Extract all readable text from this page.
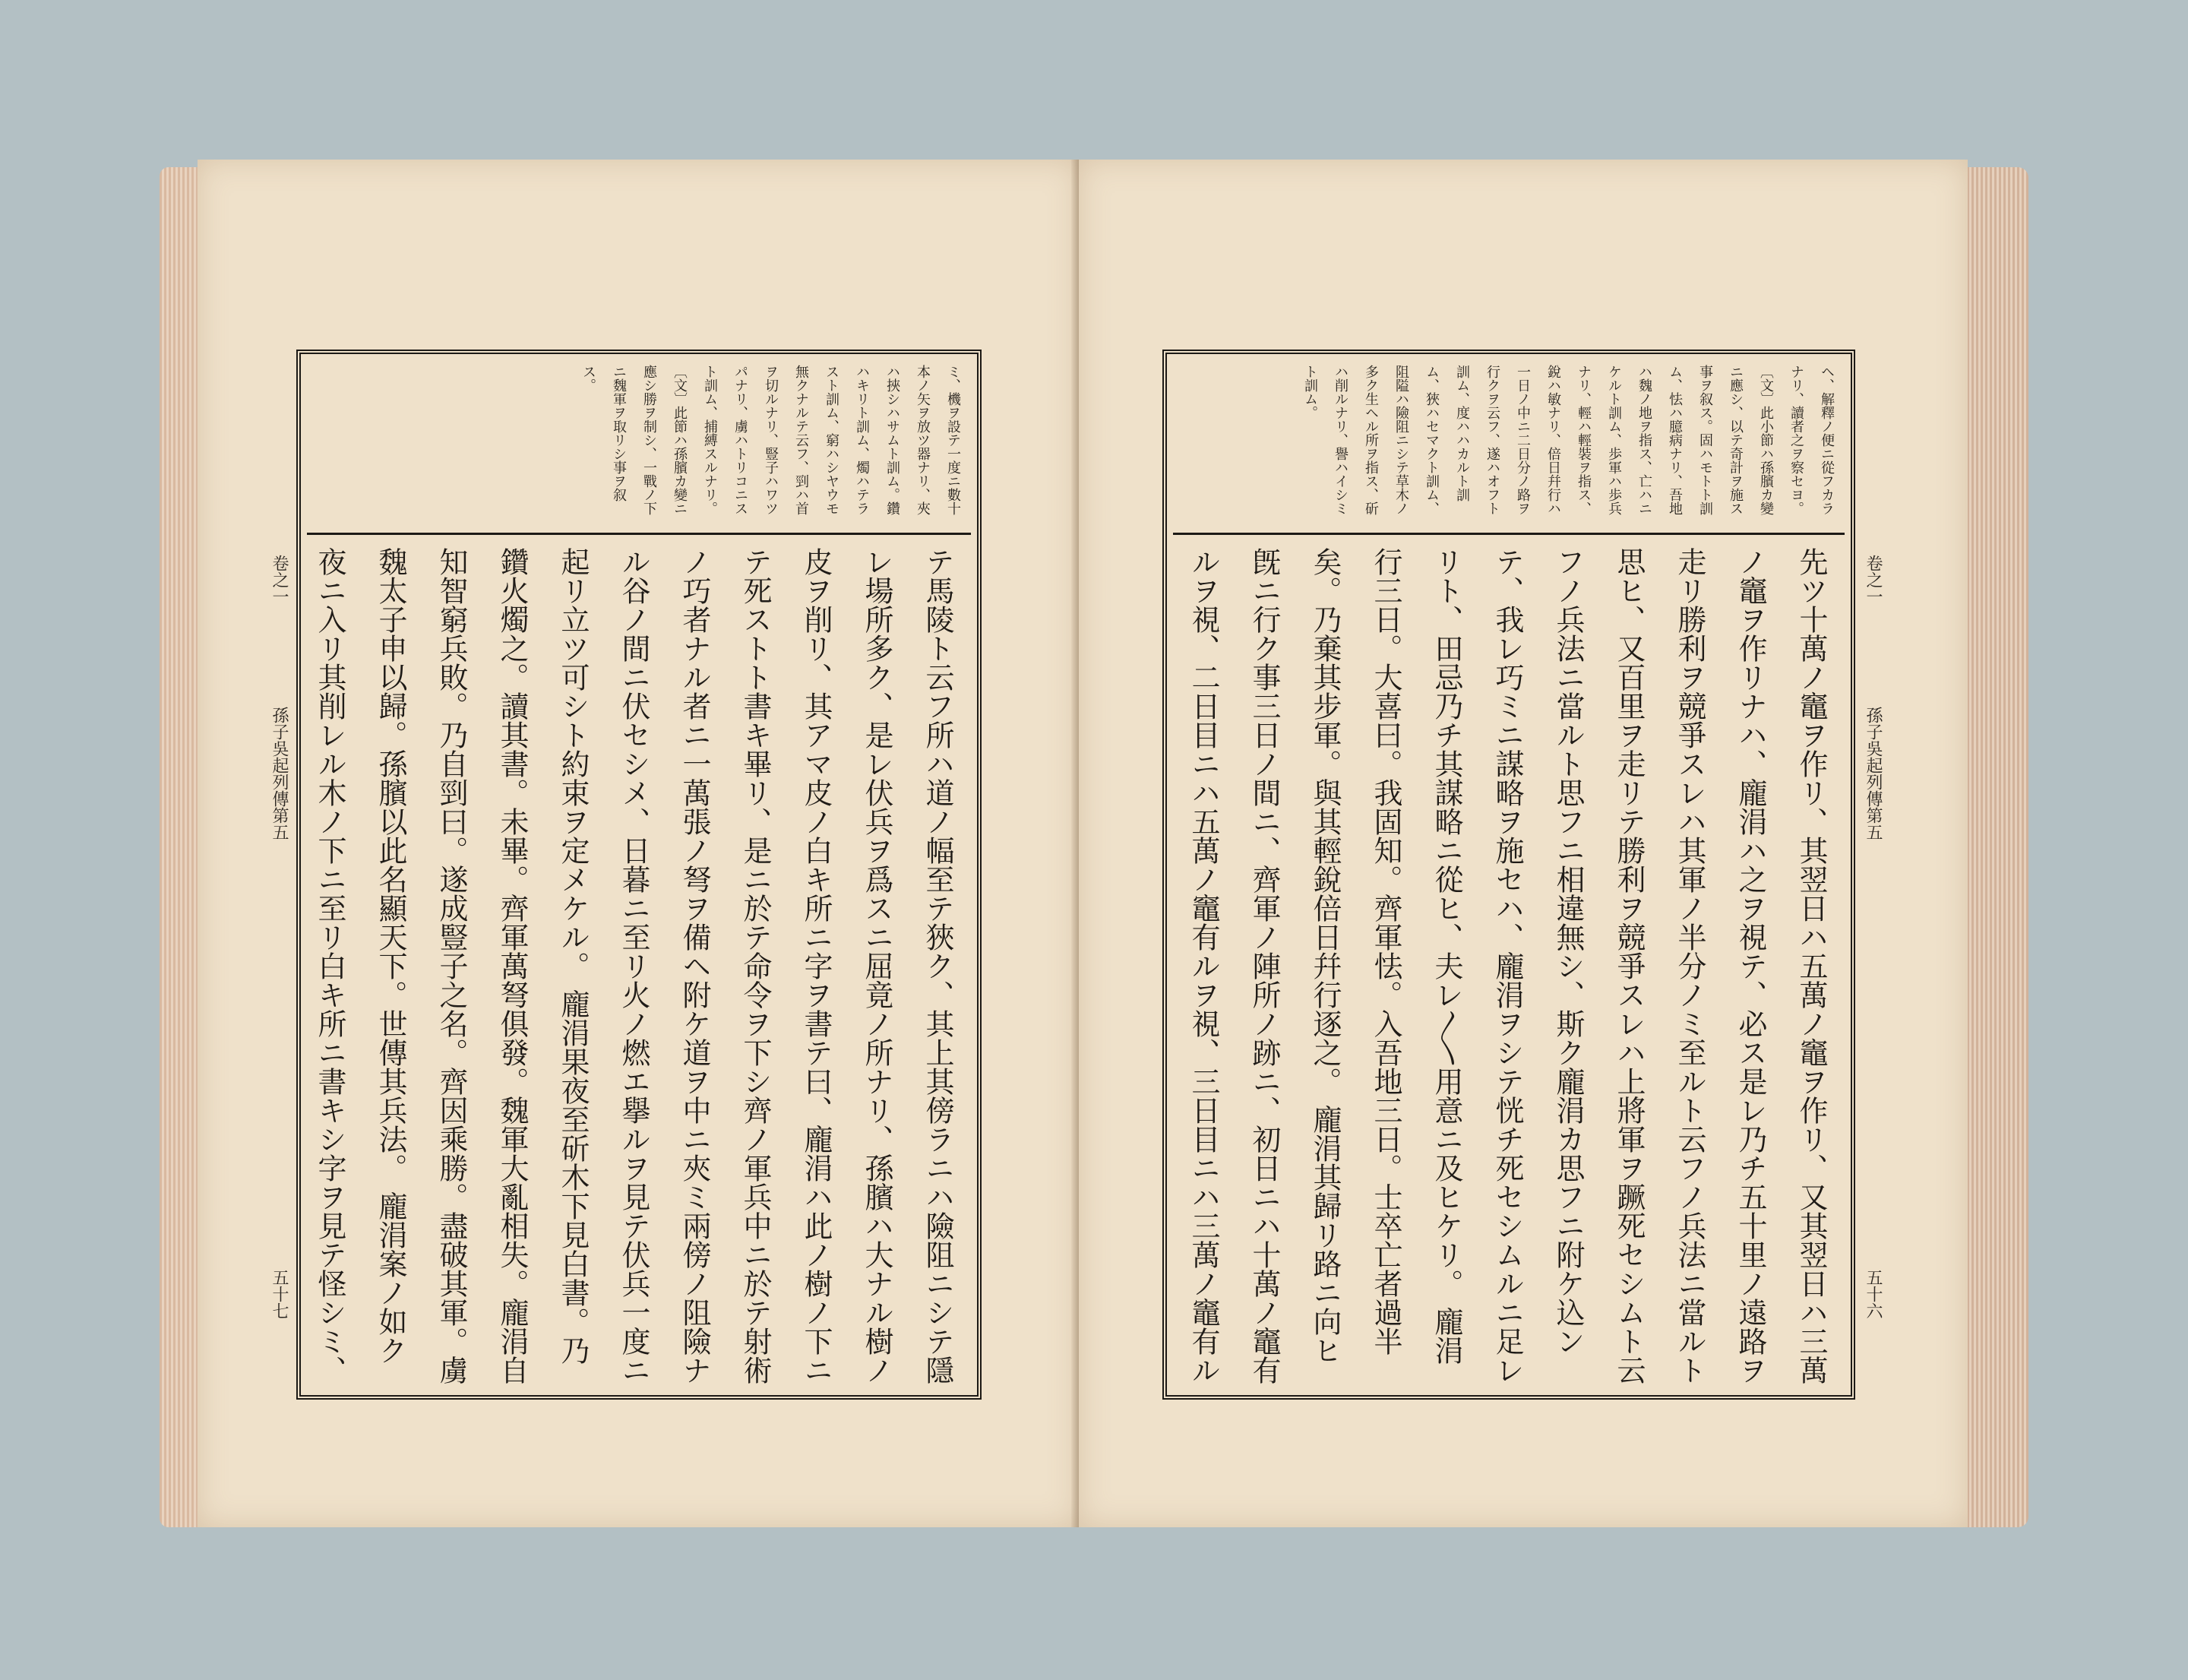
卷之一
孫子吳起列傳第五
五十七
ミ、機ヲ設テ一度ニ數十本ノ矢ヲ放ツ器ナリ、夾ハ挾シハサムト訓ム。鑽ハキリト訓ム、燭ハテラスト訓ム、窮ハシヤウモ無クナルテ云フ、剄ハ首ヲ切ルナリ、豎子ハワツパナリ、虜ハトリコニスト訓ム、捕縛スルナリ。〔文〕此節ハ孫臏カ變ニ應シ勝ヲ制シ、一戰ノ下ニ魏軍ヲ取リシ事ヲ叙ス。
テ馬陵ト云フ所ハ道ノ幅至テ狹ク、其上其傍ラニハ險阻ニシテ隱レ場所多ク、是レ伏兵ヲ爲スニ屈竟ノ所ナリ、孫臏ハ大ナル樹ノ皮ヲ削リ、其アマ皮ノ白キ所ニ字ヲ書テ曰、龐涓ハ此ノ樹ノ下ニテ死ストト書キ畢リ、是ニ於テ命令ヲ下シ齊ノ軍兵中ニ於テ射術ノ巧者ナル者ニ一萬張ノ弩ヲ備ヘ附ケ道ヲ中ニ夾ミ兩傍ノ阻險ナル谷ノ間ニ伏セシメ、日暮ニ至リ火ノ燃エ擧ルヲ見テ伏兵一度ニ起リ立ツ可シト約束ヲ定メケル。 龐涓果夜至斫木下見白書。乃鑽火燭之。讀其書。未畢。齊軍萬弩俱發。魏軍大亂相失。龐涓自知智窮兵敗。乃自剄曰。遂成豎子之名。齊因乘勝。盡破其軍。虜魏太子申以歸。孫臏以此名顯天下。世傳其兵法。 龐涓案ノ如ク夜ニ入リ其削レル木ノ下ニ至リ白キ所ニ書キシ字ヲ見テ怪シミ、
卷之一
孫子吳起列傳第五
五十六
ヘ、解釋ノ便ニ從フカラナリ、讀者之ヲ察セヨ。〔文〕此小節ハ孫臏カ變ニ應シ、以テ奇計ヲ施ス事ヲ叙ス。固ハモトト訓ム、怯ハ臆病ナリ、吾地ハ魏ノ地ヲ指ス、亡ハニケルト訓ム、歩軍ハ歩兵ナリ、輕ハ輕裝ヲ指ス、銳ハ敏ナリ、倍日幷行ハ一日ノ中ニ二日分ノ路ヲ行クヲ云フ、遂ハオフト訓ム、度ハハカルト訓ム、狹ハセマクト訓ム、阻隘ハ險阻ニシテ草木ノ多ク生ヘル所ヲ指ス、斫ハ削ルナリ、譽ハイシミト訓ム。
先ツ十萬ノ竈ヲ作リ、其翌日ハ五萬ノ竈ヲ作リ、又其翌日ハ三萬ノ竈ヲ作リナハ、龐涓ハ之ヲ視テ、必ス是レ乃チ五十里ノ遠路ヲ走リ勝利ヲ競爭スレハ其軍ノ半分ノミ至ルト云フノ兵法ニ當ルト思ヒ、又百里ヲ走リテ勝利ヲ競爭スレハ上將軍ヲ蹶死セシムト云フノ兵法ニ當ルト思フニ相違無シ、斯ク龐涓カ思フニ附ケ込ンテ、我レ巧ミニ謀略ヲ施セハ、龐涓ヲシテ恍チ死セシムルニ足レリト、田忌乃チ其謀略ニ從ヒ、夫レ〳〵用意ニ及ヒケリ。 龐涓行三日。大喜曰。我固知。齊軍怯。入吾地三日。士卒亡者過半矣。乃棄其步軍。與其輕銳倍日幷行逐之。 龐涓其歸リ路ニ向ヒ旣ニ行ク事三日ノ間ニ、齊軍ノ陣所ノ跡ニ、初日ニハ十萬ノ竈有ルヲ視、二日目ニハ五萬ノ竈有ルヲ視、三日目ニハ三萬ノ竈有ル
